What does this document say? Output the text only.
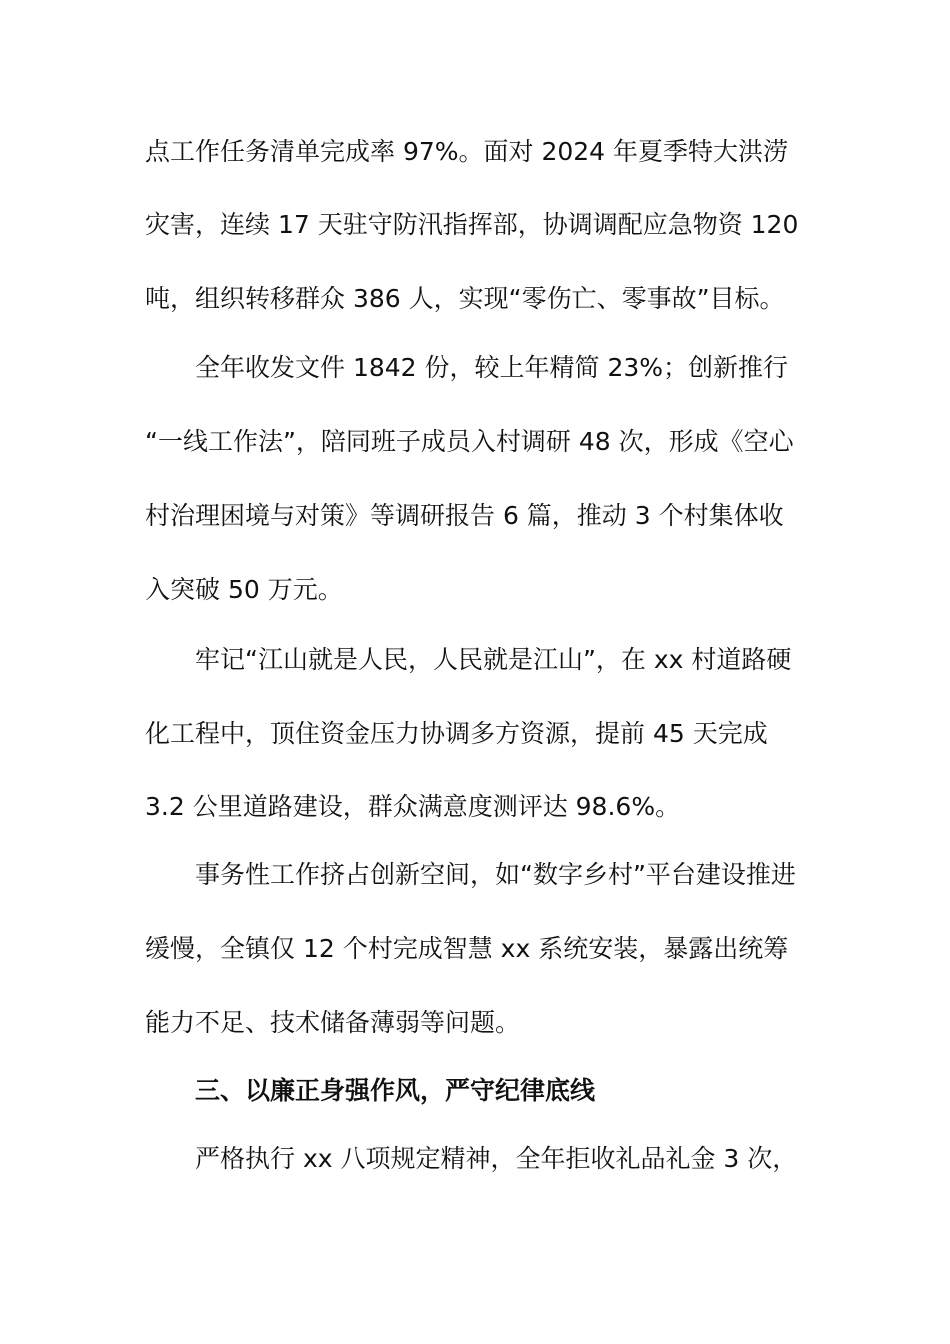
点工作任务清单完成率 97%。面对 2024 年夏季特大洪涝
灾害，连续 17 天驻守防汛指挥部，协调调配应急物资 120
吨，组织转移群众 386 人，实现“零伤亡、零事故”目标。
全年收发文件 1842 份，较上年精简 23%；创新推行
“一线工作法”，陪同班子成员入村调研 48 次，形成《空心
村治理困境与对策》等调研报告 6 篇，推动 3 个村集体收
入突破 50 万元。
牢记“江山就是人民，人民就是江山”，在 xx 村道路硬
化工程中，顶住资金压力协调多方资源，提前 45 天完成
3.2 公里道路建设，群众满意度测评达 98.6%。
事务性工作挤占创新空间，如“数字乡村”平台建设推进
缓慢，全镇仅 12 个村完成智慧 xx 系统安装，暴露出统筹
能力不足、技术储备薄弱等问题。
三、以廉正身强作风，严守纪律底线
严格执行 xx 八项规定精神，全年拒收礼品礼金 3 次，
